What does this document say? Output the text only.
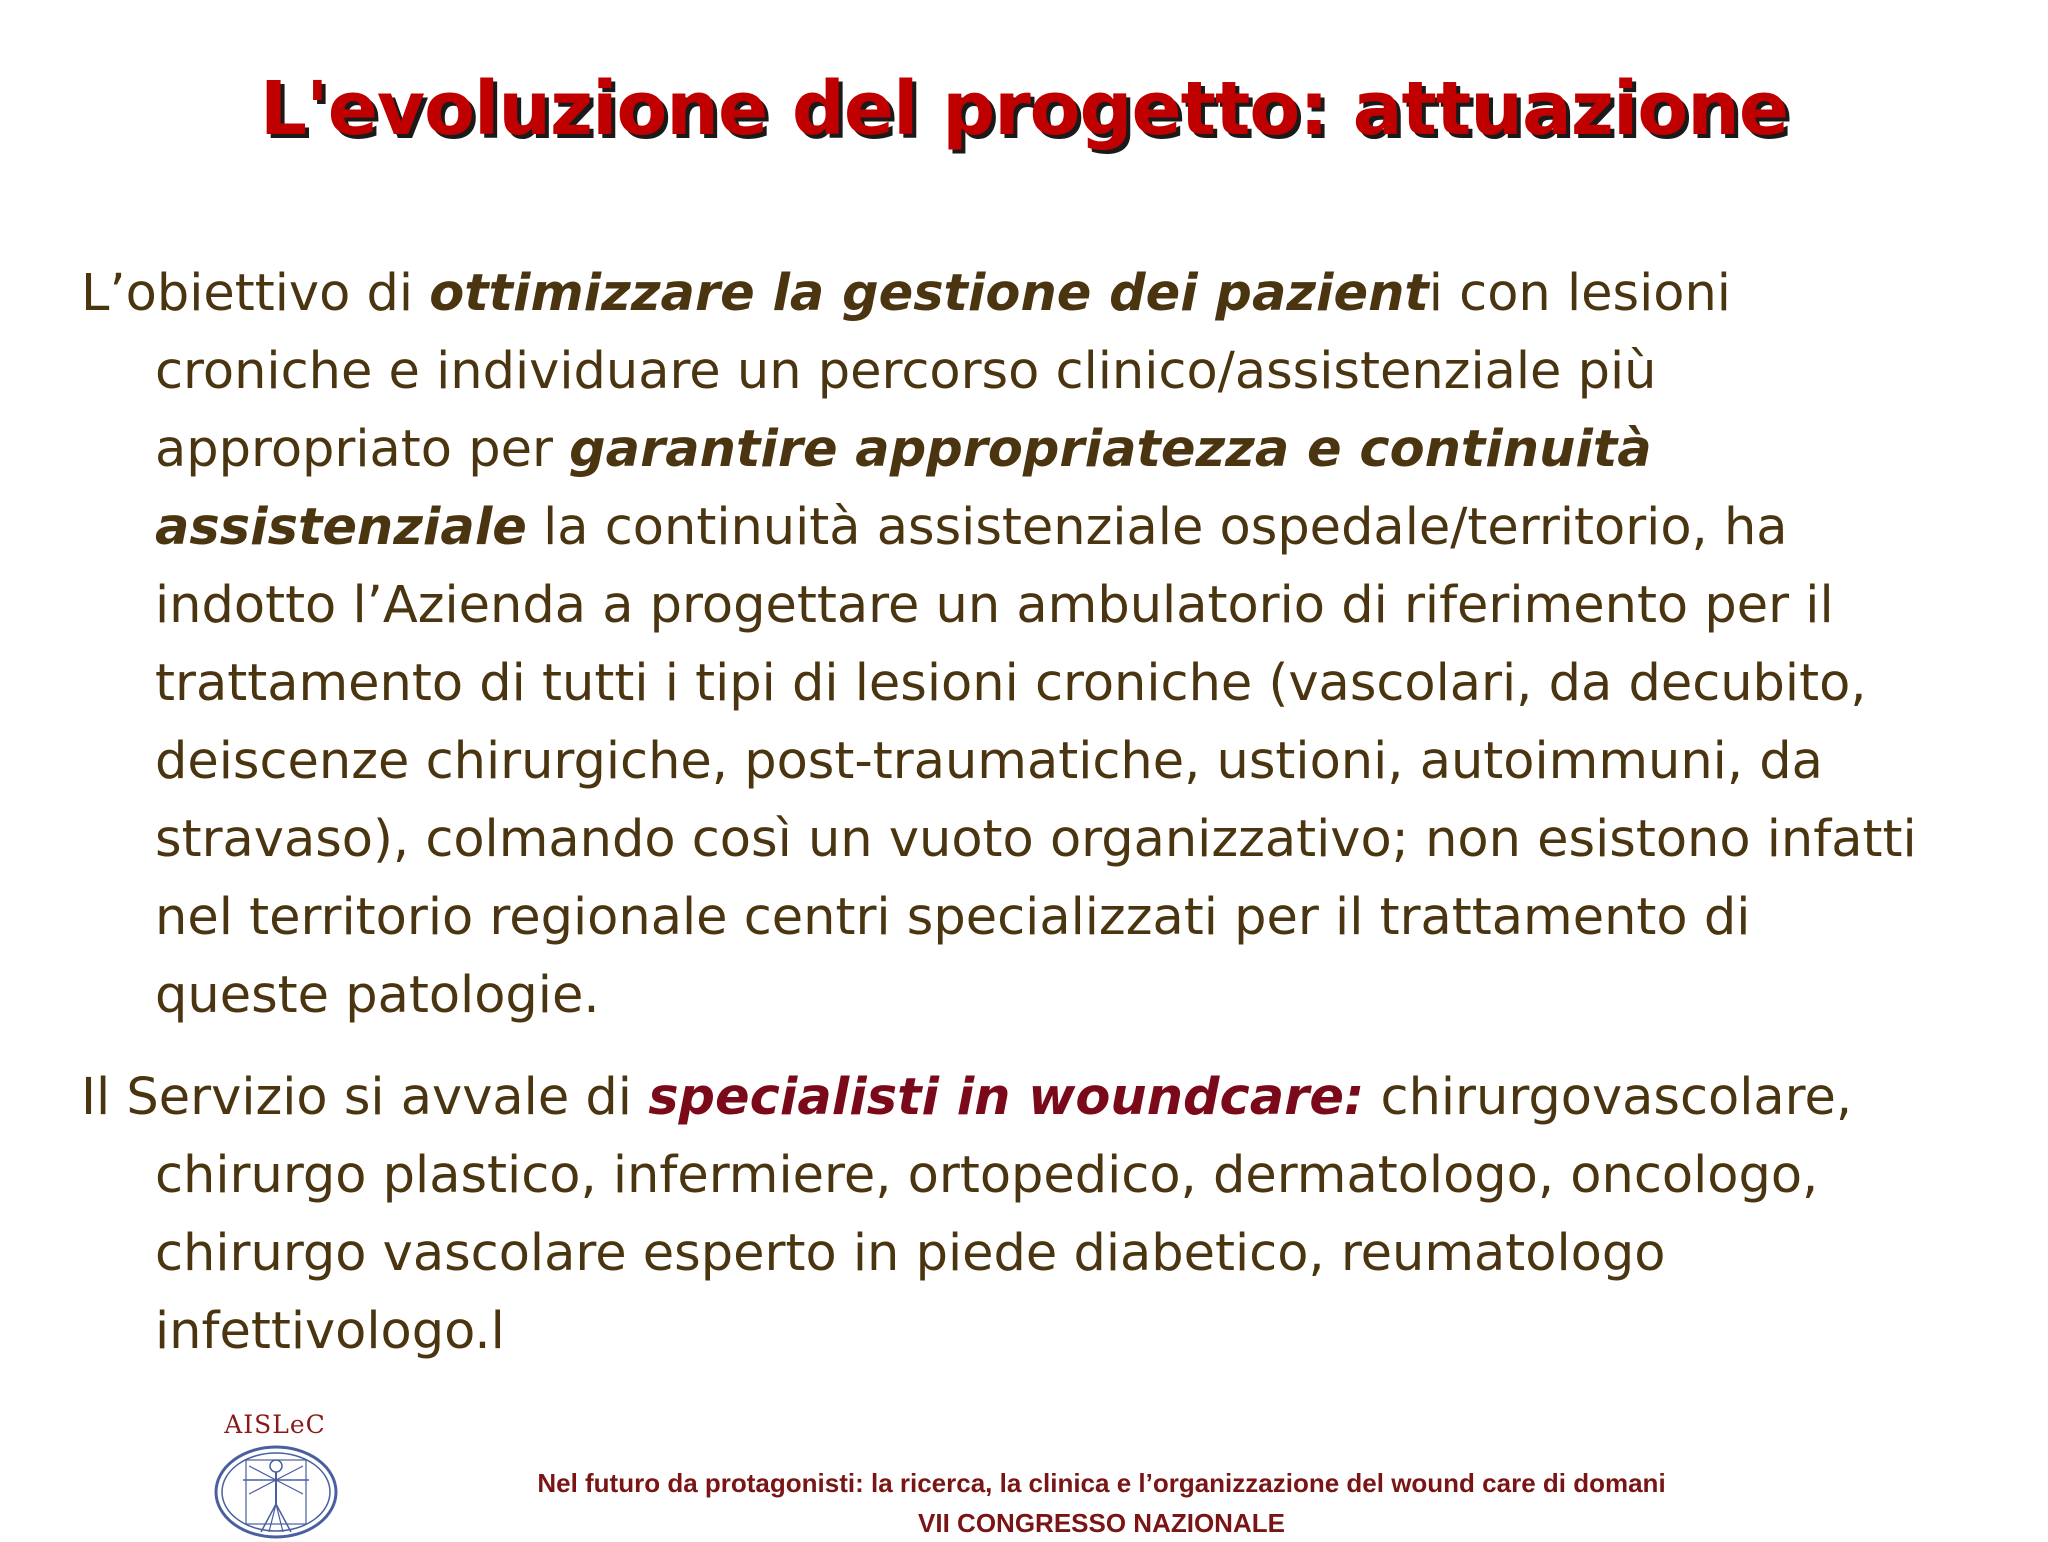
L'evoluzione del progetto: attuazione

L’obiettivo di ottimizzare la gestione dei pazienti con lesioni croniche e individuare un percorso clinico/assistenziale più appropriato per garantire appropriatezza e continuità assistenziale la continuità assistenziale ospedale/territorio, ha indotto l’Azienda a progettare un ambulatorio di riferimento per il trattamento di tutti i tipi di lesioni croniche (vascolari, da decubito, deiscenze chirurgiche, post-traumatiche, ustioni, autoimmuni, da stravaso), colmando così un vuoto organizzativo; non esistono infatti nel territorio regionale centri specializzati per il trattamento di queste patologie.

Il Servizio si avvale di specialisti in woundcare: chirurgovascolare, chirurgo plastico, infermiere, ortopedico, dermatologo, oncologo, chirurgo vascolare esperto in piede diabetico, reumatologo infettivologo.l

AISLeC
Nel futuro da protagonisti: la ricerca, la clinica e l’organizzazione del wound care di domani
VII CONGRESSO NAZIONALE
